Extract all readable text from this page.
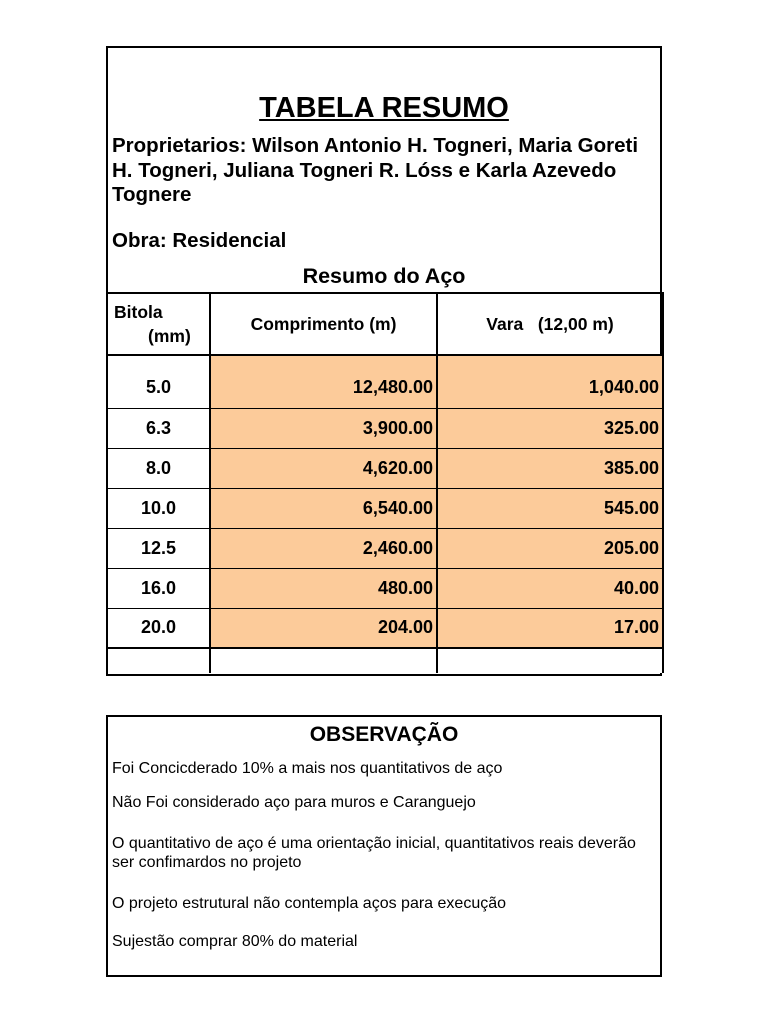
TABELA RESUMO
Proprietarios: Wilson Antonio H. Togneri, Maria Goreti H. Togneri, Juliana Togneri R. Lóss e Karla Azevedo Tognere
Obra: Residencial
Resumo do Aço
Bitola
(mm)	Comprimento (m)	Vara   (12,00 m)

5.0	12,480.00	1,040.00
6.3	3,900.00	325.00
8.0	4,620.00	385.00
10.0	6,540.00	545.00
12.5	2,460.00	205.00
16.0	480.00	40.00
20.0	204.00	17.00

OBSERVAÇÃO
Foi Concicderado 10% a mais nos quantitativos de aço
Não Foi considerado aço para muros e Caranguejo
O quantitativo de aço é uma orientação inicial, quantitativos reais deverão ser confimardos no projeto
O projeto estrutural não contempla aços para execução
Sujestão comprar 80% do material
